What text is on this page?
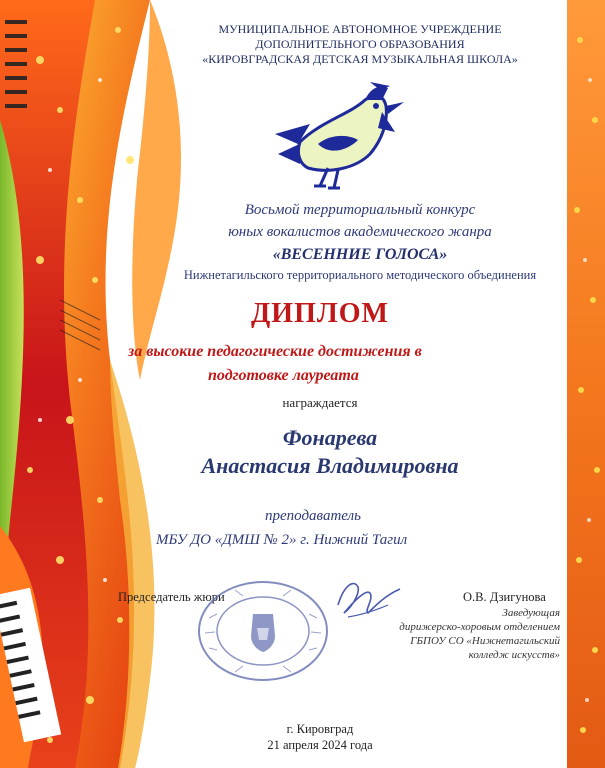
МУНИЦИПАЛЬНОЕ АВТОНОМНОЕ УЧРЕЖДЕНИЕ
ДОПОЛНИТЕЛЬНОГО ОБРАЗОВАНИЯ
«КИРОВГРАДСКАЯ ДЕТСКАЯ МУЗЫКАЛЬНАЯ ШКОЛА»
Восьмой территориальный конкурс
юных вокалистов академического жанра
«ВЕСЕННИЕ ГОЛОСА»
Нижнетагильского территориального методического объединения
ДИПЛОМ
за высокие педагогические достижения в
подготовке лауреата
награждается
Фонарева
Анастасия Владимировна
преподаватель
МБУ ДО «ДМШ № 2» г. Нижний Тагил
Председатель жюри	О.В. Дзигунова
Заведующая
дирижерско-хоровым отделением
ГБПОУ СО «Нижнетагильский
колледж искусств»
г. Кировград
21 апреля 2024 года
